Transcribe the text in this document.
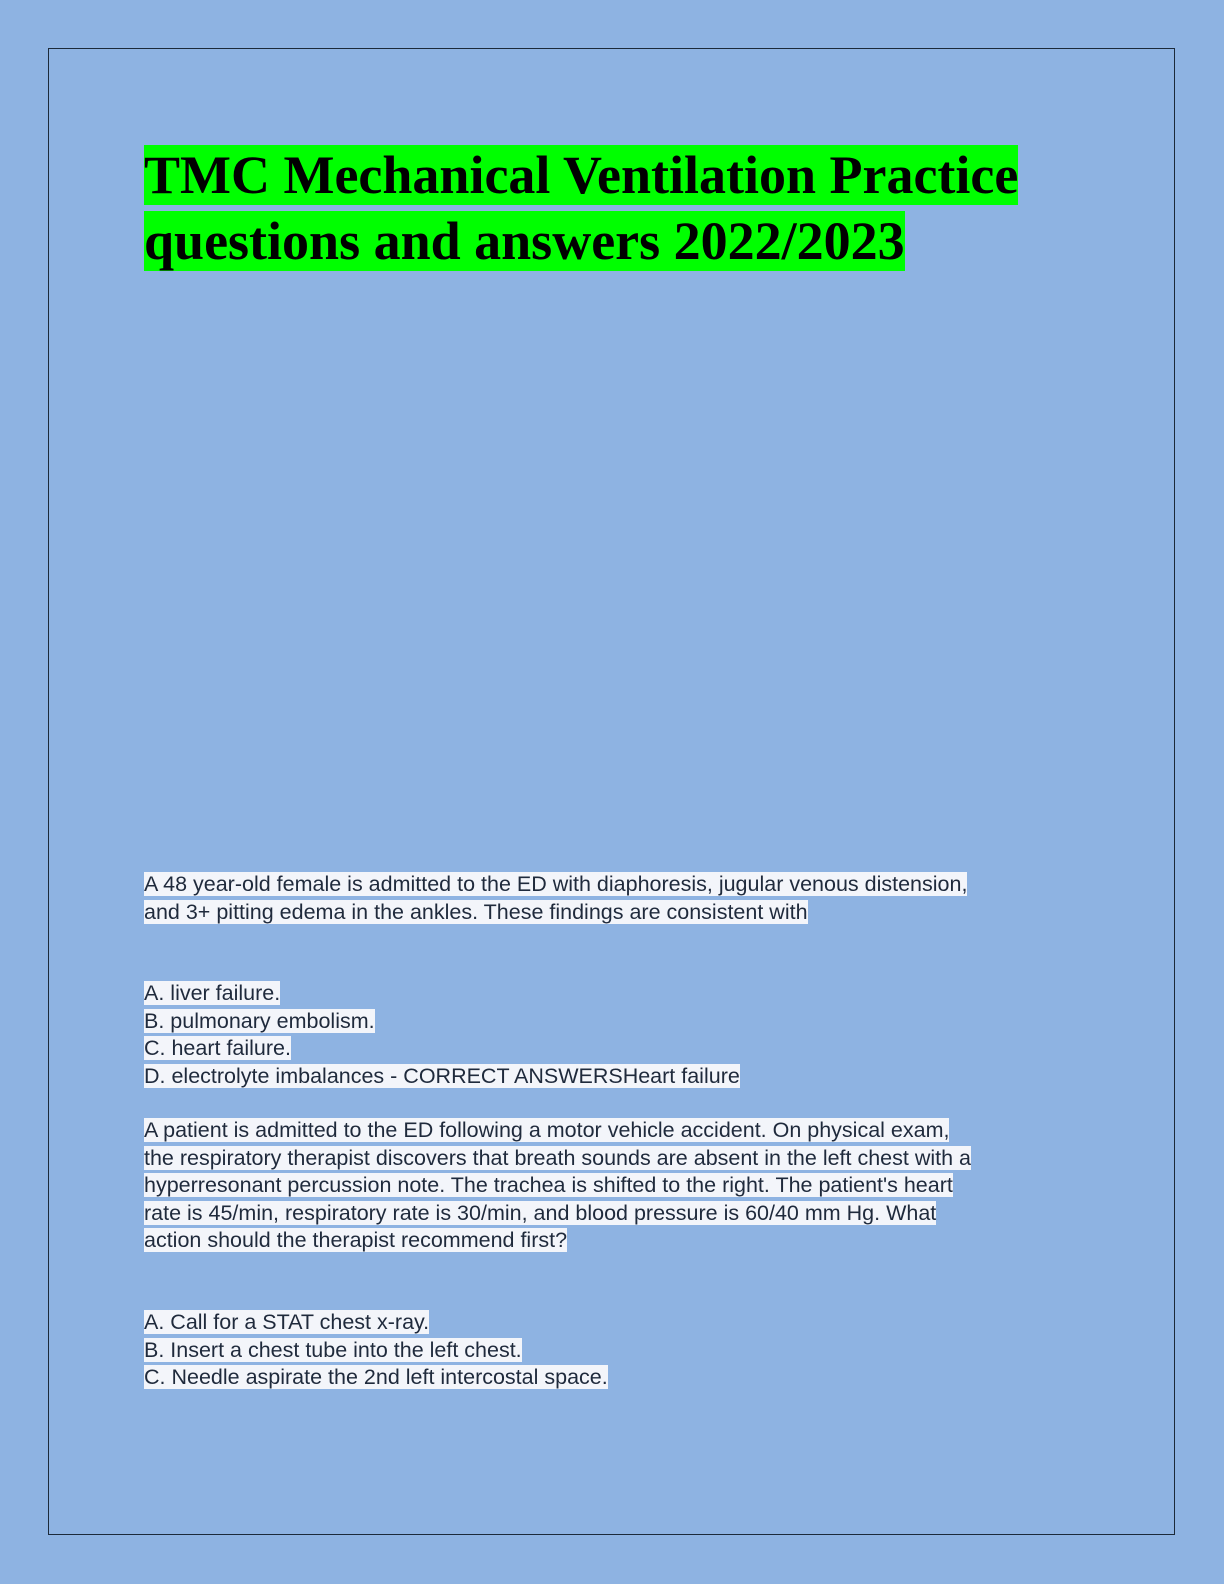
TMC Mechanical Ventilation Practice
questions and answers 2022/2023
A 48 year-old female is admitted to the ED with diaphoresis, jugular venous distension,
and 3+ pitting edema in the ankles. These findings are consistent with
A. liver failure.
B. pulmonary embolism.
C. heart failure.
D. electrolyte imbalances - CORRECT ANSWERSHeart failure
A patient is admitted to the ED following a motor vehicle accident. On physical exam,
the respiratory therapist discovers that breath sounds are absent in the left chest with a
hyperresonant percussion note. The trachea is shifted to the right. The patient's heart
rate is 45/min, respiratory rate is 30/min, and blood pressure is 60/40 mm Hg. What
action should the therapist recommend first?
A. Call for a STAT chest x-ray.
B. Insert a chest tube into the left chest.
C. Needle aspirate the 2nd left intercostal space.
